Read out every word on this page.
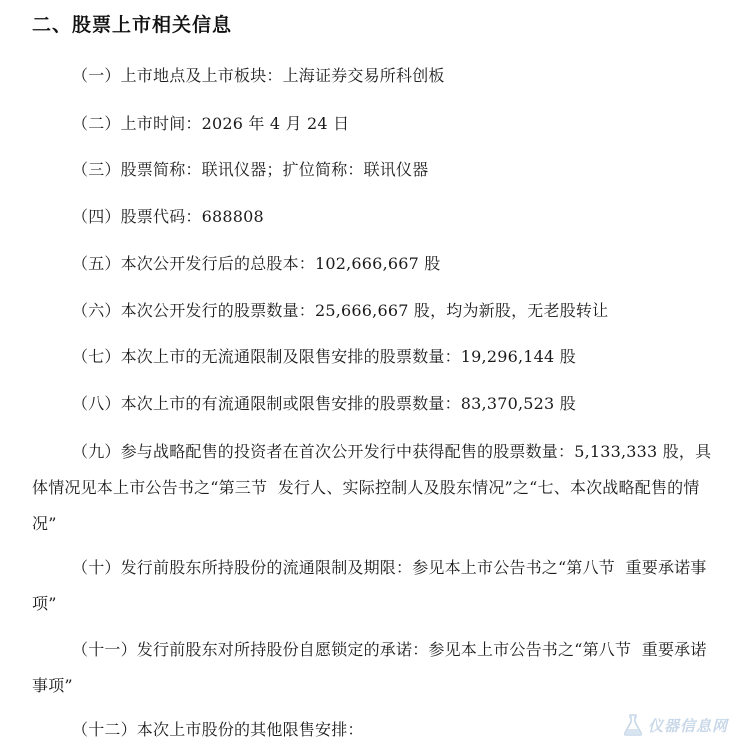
二、股票上市相关信息
（一）上市地点及上市板块：上海证券交易所科创板
（二）上市时间：2026 年 4 月 24 日
（三）股票简称：联讯仪器；扩位简称：联讯仪器
（四）股票代码：688808
（五）本次公开发行后的总股本：102,666,667 股
（六）本次公开发行的股票数量：25,666,667 股，均为新股，无老股转让
（七）本次上市的无流通限制及限售安排的股票数量：19,296,144 股
（八）本次上市的有流通限制或限售安排的股票数量：83,370,523 股
（九）参与战略配售的投资者在首次公开发行中获得配售的股票数量：5,133,333 股，具体情况见本上市公告书之“第三节  发行人、实际控制人及股东情况”之“七、本次战略配售的情况”
（十）发行前股东所持股份的流通限制及期限：参见本上市公告书之“第八节  重要承诺事项”
（十一）发行前股东对所持股份自愿锁定的承诺：参见本上市公告书之“第八节  重要承诺事项”
（十二）本次上市股份的其他限售安排：	仪器信息网
